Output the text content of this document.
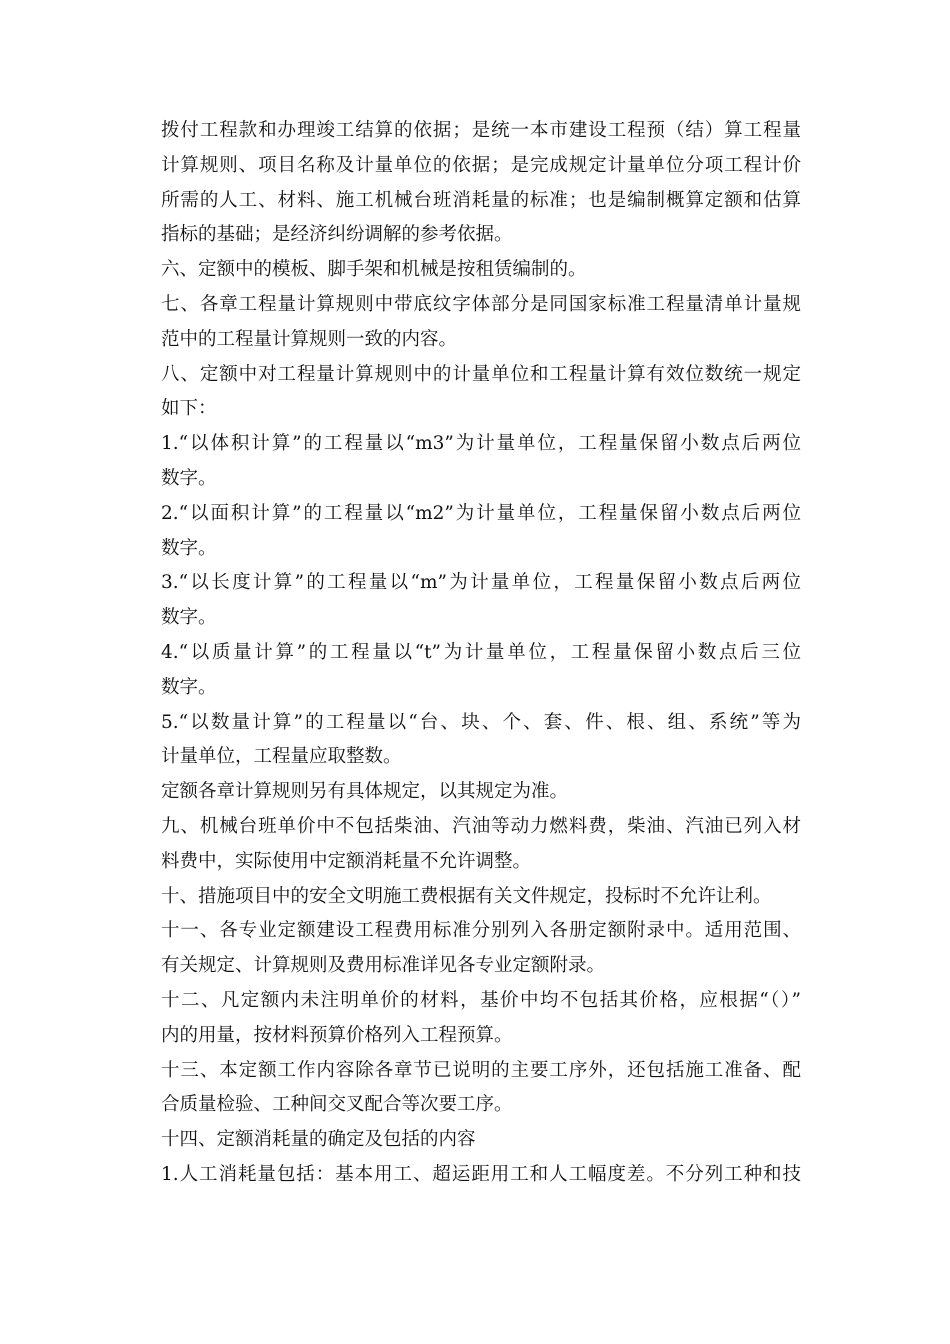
拨付工程款和办理竣工结算的依据；是统一本市建设工程预（结）算工程量
计算规则、项目名称及计量单位的依据；是完成规定计量单位分项工程计价
所需的人工、材料、施工机械台班消耗量的标准；也是编制概算定额和估算
指标的基础；是经济纠纷调解的参考依据。
六、定额中的模板、脚手架和机械是按租赁编制的。
七、各章工程量计算规则中带底纹字体部分是同国家标准工程量清单计量规
范中的工程量计算规则一致的内容。
八、定额中对工程量计算规则中的计量单位和工程量计算有效位数统一规定
如下：
1.“以体积计算”的工程量以“m3”为计量单位，工程量保留小数点后两位
数字。
2.“以面积计算”的工程量以“m2”为计量单位，工程量保留小数点后两位
数字。
3.“以长度计算”的工程量以“m”为计量单位，工程量保留小数点后两位
数字。
4.“以质量计算”的工程量以“t”为计量单位，工程量保留小数点后三位
数字。
5.“以数量计算”的工程量以“台、块、个、套、件、根、组、系统”等为
计量单位，工程量应取整数。
定额各章计算规则另有具体规定，以其规定为准。
九、机械台班单价中不包括柴油、汽油等动力燃料费，柴油、汽油已列入材
料费中，实际使用中定额消耗量不允许调整。
十、措施项目中的安全文明施工费根据有关文件规定，投标时不允许让利。
十一、各专业定额建设工程费用标准分别列入各册定额附录中。适用范围、
有关规定、计算规则及费用标准详见各专业定额附录。
十二、凡定额内未注明单价的材料，基价中均不包括其价格，应根据“（）”
内的用量，按材料预算价格列入工程预算。
十三、本定额工作内容除各章节已说明的主要工序外，还包括施工准备、配
合质量检验、工种间交叉配合等次要工序。
十四、定额消耗量的确定及包括的内容
1.人工消耗量包括：基本用工、超运距用工和人工幅度差。不分列工种和技
